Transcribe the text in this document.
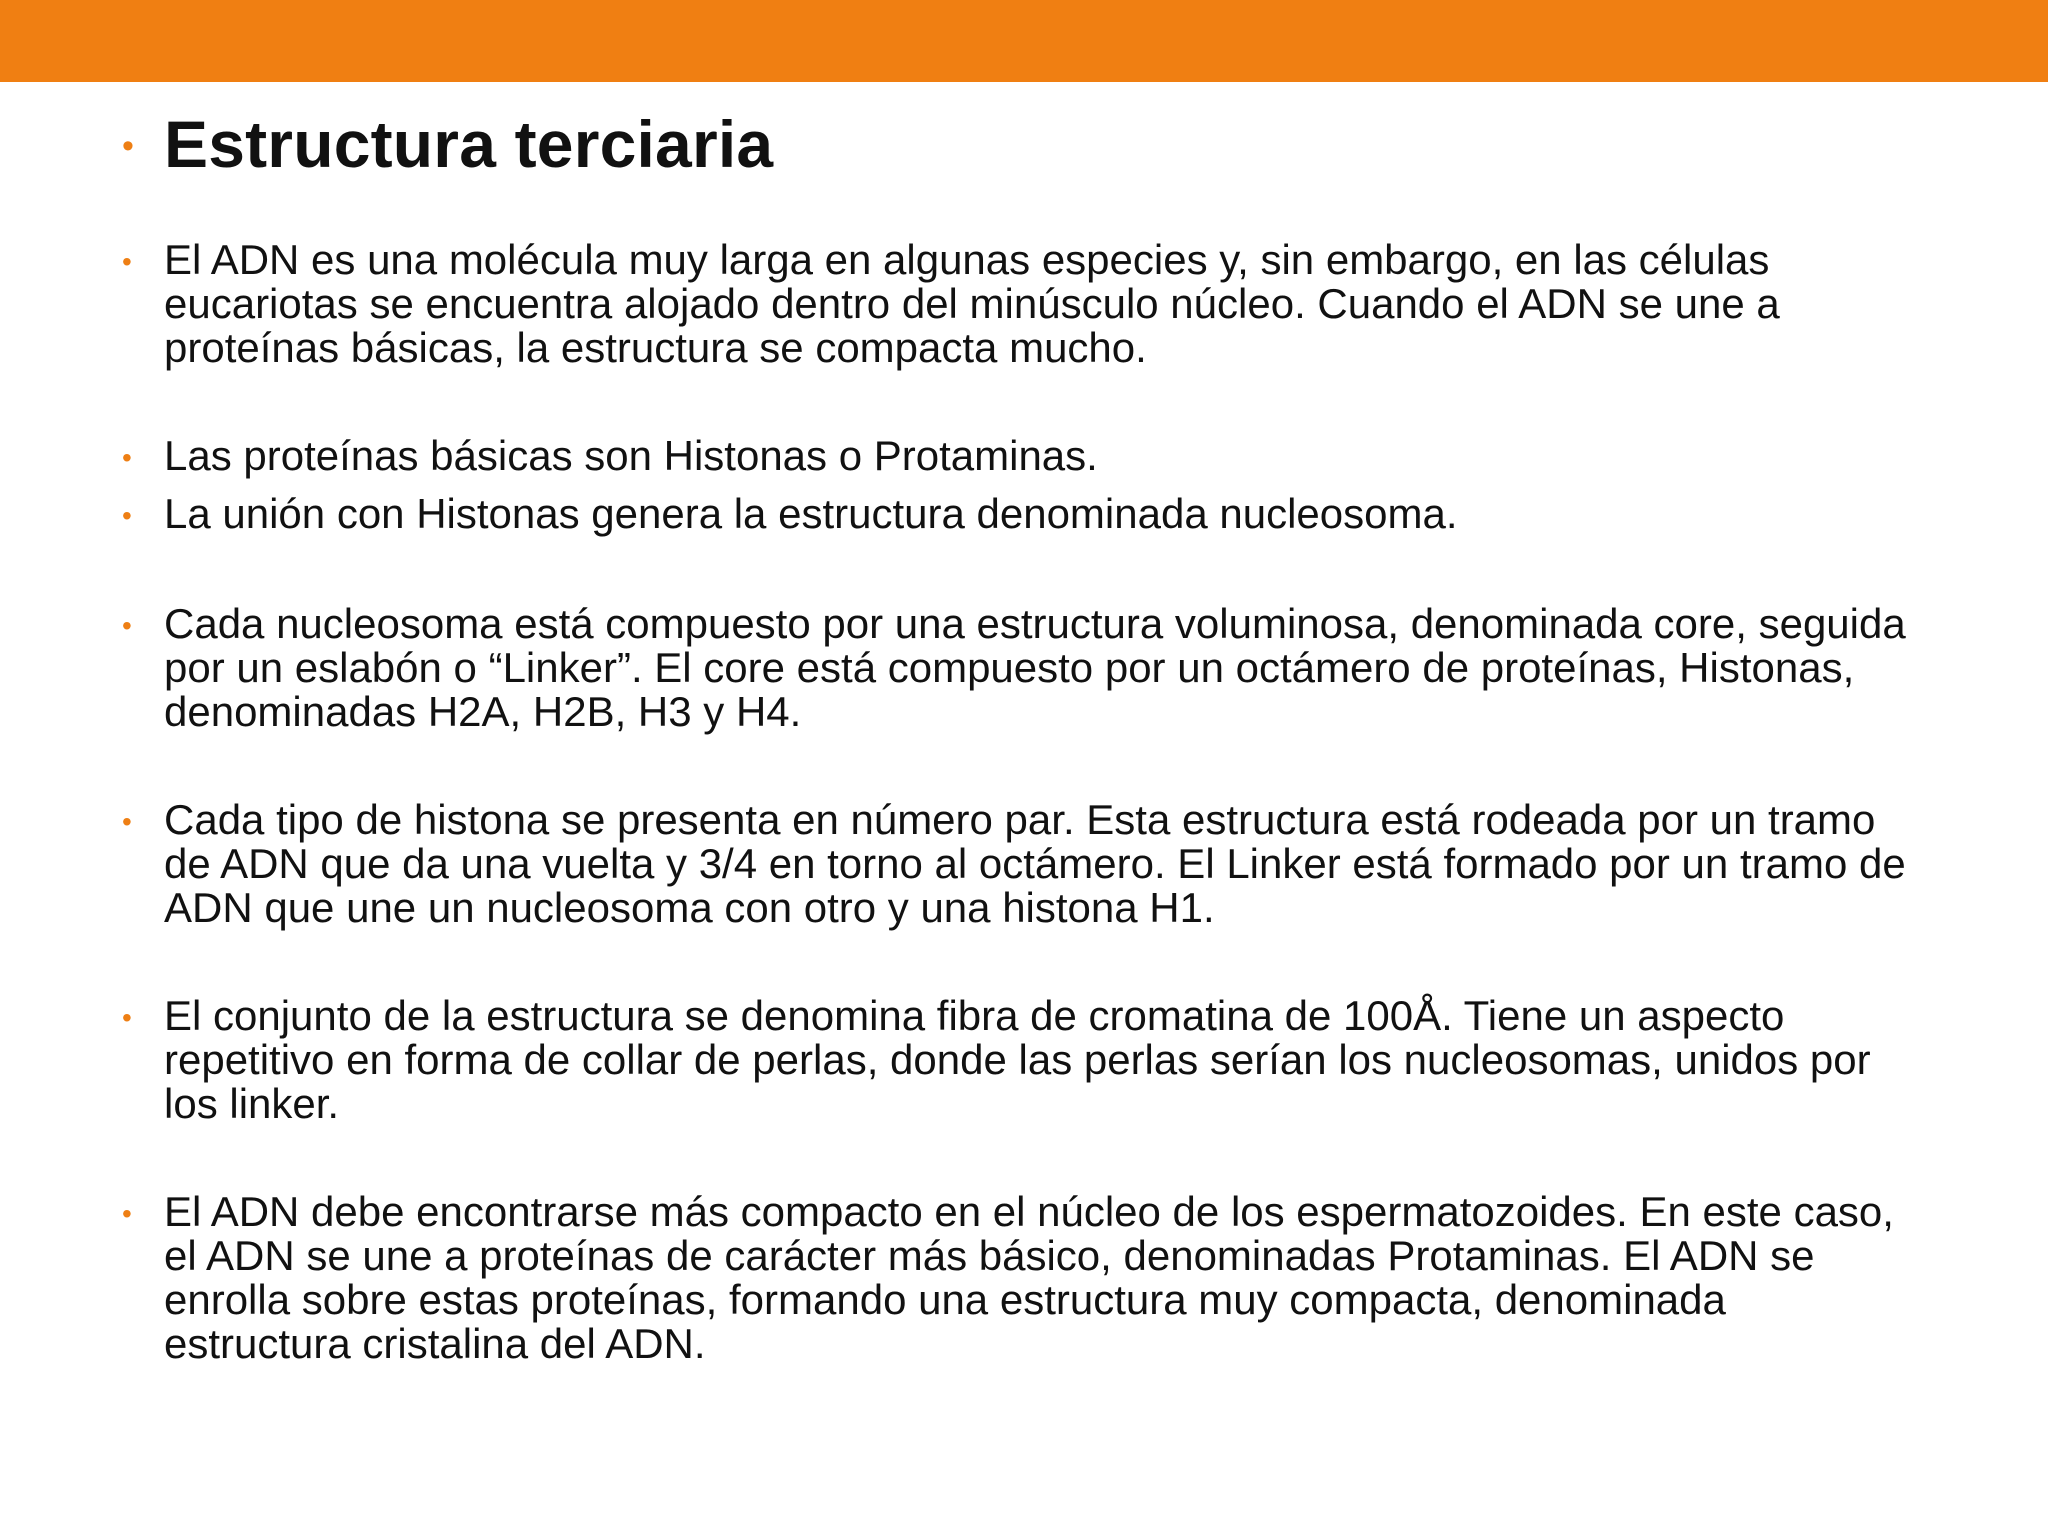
• Estructura terciaria
• El ADN es una molécula muy larga en algunas especies y, sin embargo, en las células eucariotas se encuentra alojado dentro del minúsculo núcleo. Cuando el ADN se une a proteínas básicas, la estructura se compacta mucho.
• Las proteínas básicas son Histonas o Protaminas.
• La unión con Histonas genera la estructura denominada nucleosoma.
• Cada nucleosoma está compuesto por una estructura voluminosa, denominada core, seguida por un eslabón o “Linker”. El core está compuesto por un octámero de proteínas, Histonas, denominadas H2A, H2B, H3 y H4.
• Cada tipo de histona se presenta en número par. Esta estructura está rodeada por un tramo de ADN que da una vuelta y 3/4 en torno al octámero. El Linker está formado por un tramo de ADN que une un nucleosoma con otro y una histona H1.
• El conjunto de la estructura se denomina fibra de cromatina de 100Å. Tiene un aspecto repetitivo en forma de collar de perlas, donde las perlas serían los nucleosomas, unidos por los linker.
• El ADN debe encontrarse más compacto en el núcleo de los espermatozoides. En este caso, el ADN se une a proteínas de carácter más básico, denominadas Protaminas. El ADN se enrolla sobre estas proteínas, formando una estructura muy compacta, denominada estructura cristalina del ADN.
